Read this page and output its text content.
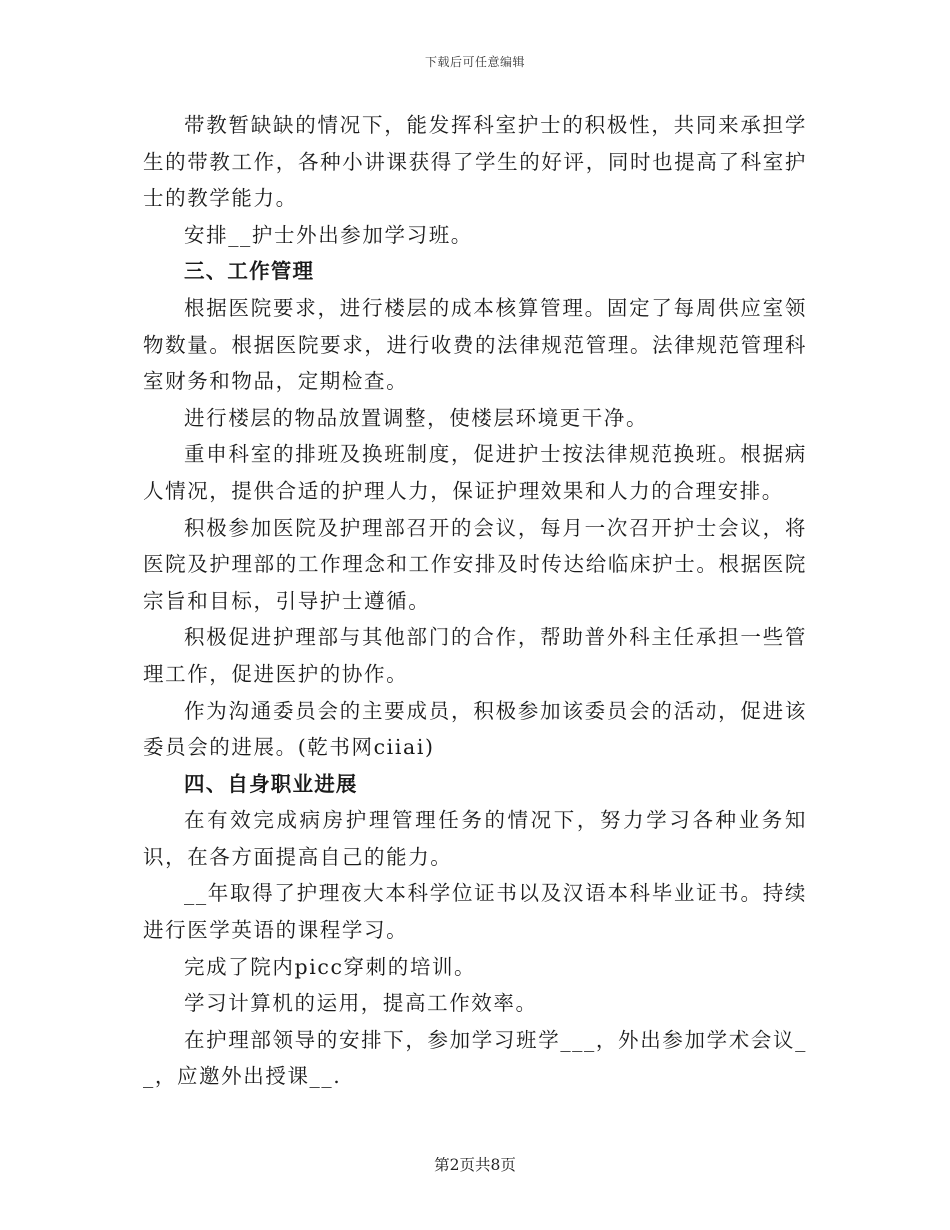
下载后可任意编辑

带教暂缺缺的情况下，能发挥科室护士的积极性，共同来承担学生的带教工作，各种小讲课获得了学生的好评，同时也提高了科室护士的教学能力。

安排__护士外出参加学习班。

三、工作管理

根据医院要求，进行楼层的成本核算管理。固定了每周供应室领物数量。根据医院要求，进行收费的法律规范管理。法律规范管理科室财务和物品，定期检查。

进行楼层的物品放置调整，使楼层环境更干净。

重申科室的排班及换班制度，促进护士按法律规范换班。根据病人情况，提供合适的护理人力，保证护理效果和人力的合理安排。

积极参加医院及护理部召开的会议，每月一次召开护士会议，将医院及护理部的工作理念和工作安排及时传达给临床护士。根据医院宗旨和目标，引导护士遵循。

积极促进护理部与其他部门的合作，帮助普外科主任承担一些管理工作，促进医护的协作。

作为沟通委员会的主要成员，积极参加该委员会的活动，促进该委员会的进展。(乾书网ciiai)

四、自身职业进展

在有效完成病房护理管理任务的情况下，努力学习各种业务知识，在各方面提高自己的能力。

__年取得了护理夜大本科学位证书以及汉语本科毕业证书。持续进行医学英语的课程学习。

完成了院内picc穿刺的培训。

学习计算机的运用，提高工作效率。

在护理部领导的安排下，参加学习班学___，外出参加学术会议__，应邀外出授课__.

第2页共8页
